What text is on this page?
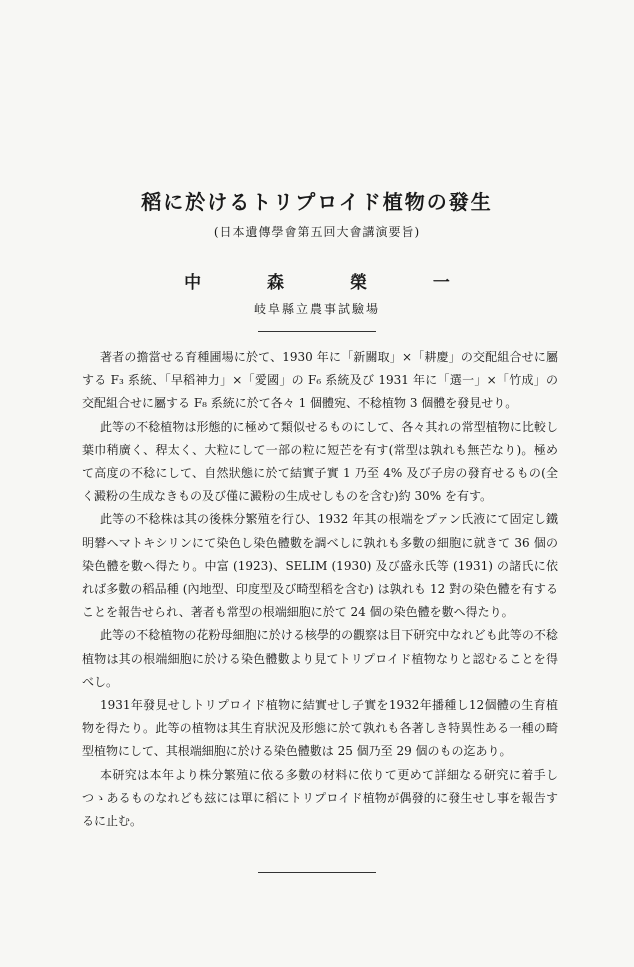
稻に於けるトリプロイド植物の發生
(日本遺傳學會第五回大會講演要旨)
中 森 榮 一
岐阜縣立農事試驗場

著者の擔當せる育種圃場に於て、1930 年に「新關取」×「耕慶」の交配組合せに屬する F₃ 系統、「早稻神力」×「愛國」の F₆ 系統及び 1931 年に「選一」×「竹成」の交配組合せに屬する F₈ 系統に於て各々 1 個體宛、不稔植物 3 個體を發見せり。

此等の不稔植物は形態的に極めて類似せるものにして、各々其れの常型植物に比較し葉巾稍廣く、稈太く、大粒にして一部の粒に短芒を有す(常型は孰れも無芒なり)。極めて高度の不稔にして、自然狀態に於て結實子實 1 乃至 4% 及び子房の發育せるもの(全く澱粉の生成なきもの及び僅に澱粉の生成せしものを含む)約 30% を有す。

此等の不稔株は其の後株分繁殖を行ひ、1932 年其の根端をプァン氏液にて固定し鐵明礬ヘマトキシリンにて染色し染色體數を調べしに孰れも多數の細胞に就きて 36 個の染色體を數へ得たり。中富 (1923)、SELIM (1930) 及び盛永氏等 (1931) の諸氏に依れば多數の稻品種 (內地型、印度型及び畸型稻を含む) は孰れも 12 對の染色體を有することを報告せられ、著者も常型の根端細胞に於て 24 個の染色體を數へ得たり。

此等の不稔植物の花粉母細胞に於ける核學的の觀察は目下研究中なれども此等の不稔植物は其の根端細胞に於ける染色體數より見てトリプロイド植物なりと認むることを得べし。

1931年發見せしトリプロイド植物に結實せし子實を1932年播種し12個體の生育植物を得たり。此等の植物は其生育狀況及形態に於て孰れも各著しき特異性ある一種の畸型植物にして、其根端細胞に於ける染色體數は 25 個乃至 29 個のもの迄あり。

本研究は本年より株分繁殖に依る多數の材料に依りて更めて詳細なる研究に着手しつゝあるものなれども玆には單に稻にトリプロイド植物が偶發的に發生せし事を報告するに止む。
